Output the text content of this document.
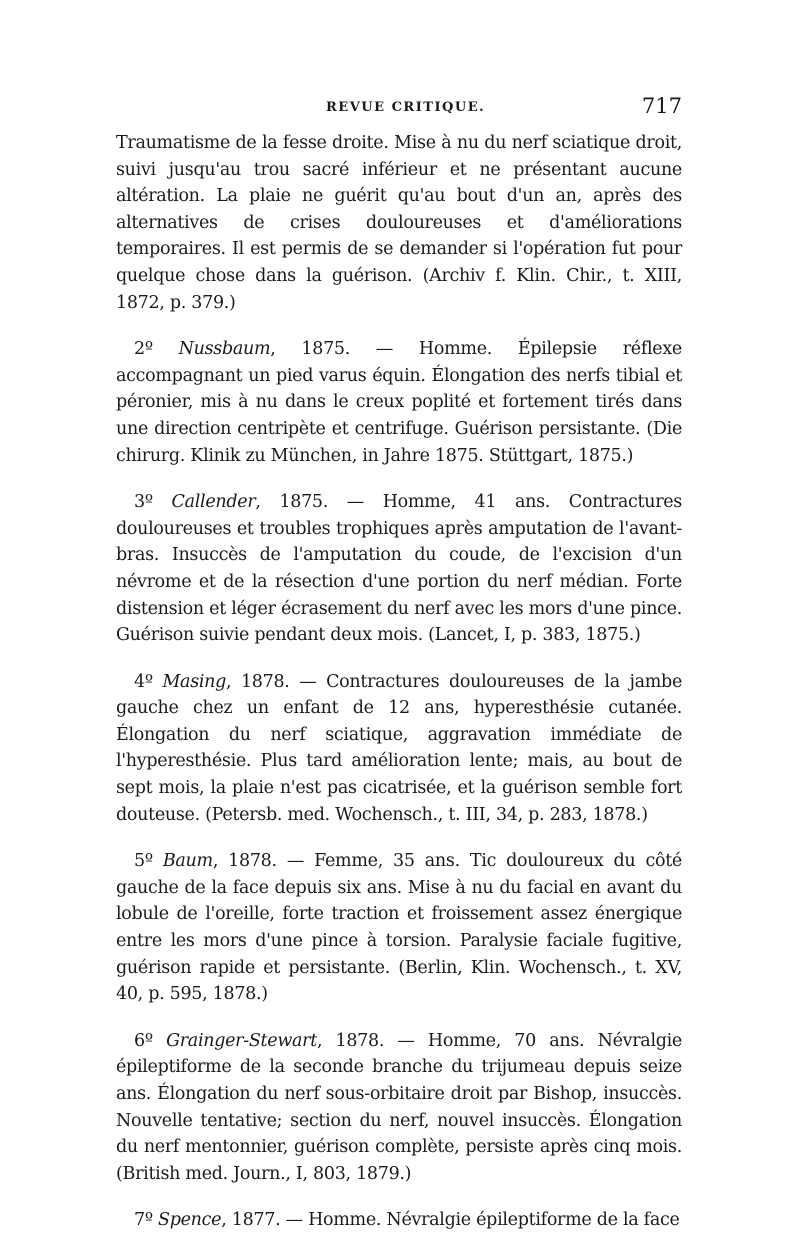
REVUE CRITIQUE.	717

Traumatisme de la fesse droite. Mise à nu du nerf sciatique droit, suivi jusqu'au trou sacré inférieur et ne présentant aucune altération. La plaie ne guérit qu'au bout d'un an, après des alternatives de crises douloureuses et d'améliorations temporaires. Il est permis de se demander si l'opération fut pour quelque chose dans la guérison. (Archiv f. Klin. Chir., t. XIII, 1872, p. 379.)

2º Nussbaum, 1875. — Homme. Épilepsie réflexe accompagnant un pied varus équin. Élongation des nerfs tibial et péronier, mis à nu dans le creux poplité et fortement tirés dans une direction centripète et centrifuge. Guérison persistante. (Die chirurg. Klinik zu München, in Jahre 1875. Stüttgart, 1875.)

3º Callender, 1875. — Homme, 41 ans. Contractures douloureuses et troubles trophiques après amputation de l'avant-bras. Insuccès de l'amputation du coude, de l'excision d'un névrome et de la résection d'une portion du nerf médian. Forte distension et léger écrasement du nerf avec les mors d'une pince. Guérison suivie pendant deux mois. (Lancet, I, p. 383, 1875.)

4º Masing, 1878. — Contractures douloureuses de la jambe gauche chez un enfant de 12 ans, hyperesthésie cutanée. Élongation du nerf sciatique, aggravation immédiate de l'hyperesthésie. Plus tard amélioration lente; mais, au bout de sept mois, la plaie n'est pas cicatrisée, et la guérison semble fort douteuse. (Petersb. med. Wochensch., t. III, 34, p. 283, 1878.)

5º Baum, 1878. — Femme, 35 ans. Tic douloureux du côté gauche de la face depuis six ans. Mise à nu du facial en avant du lobule de l'oreille, forte traction et froissement assez énergique entre les mors d'une pince à torsion. Paralysie faciale fugitive, guérison rapide et persistante. (Berlin, Klin. Wochensch., t. XV, 40, p. 595, 1878.)

6º Grainger-Stewart, 1878. — Homme, 70 ans. Névralgie épileptiforme de la seconde branche du trijumeau depuis seize ans. Élongation du nerf sous-orbitaire droit par Bishop, insuccès. Nouvelle tentative; section du nerf, nouvel insuccès. Élongation du nerf mentonnier, guérison complète, persiste après cinq mois. (British med. Journ., I, 803, 1879.)

7º Spence, 1877. — Homme. Névralgie épileptiforme de la face
